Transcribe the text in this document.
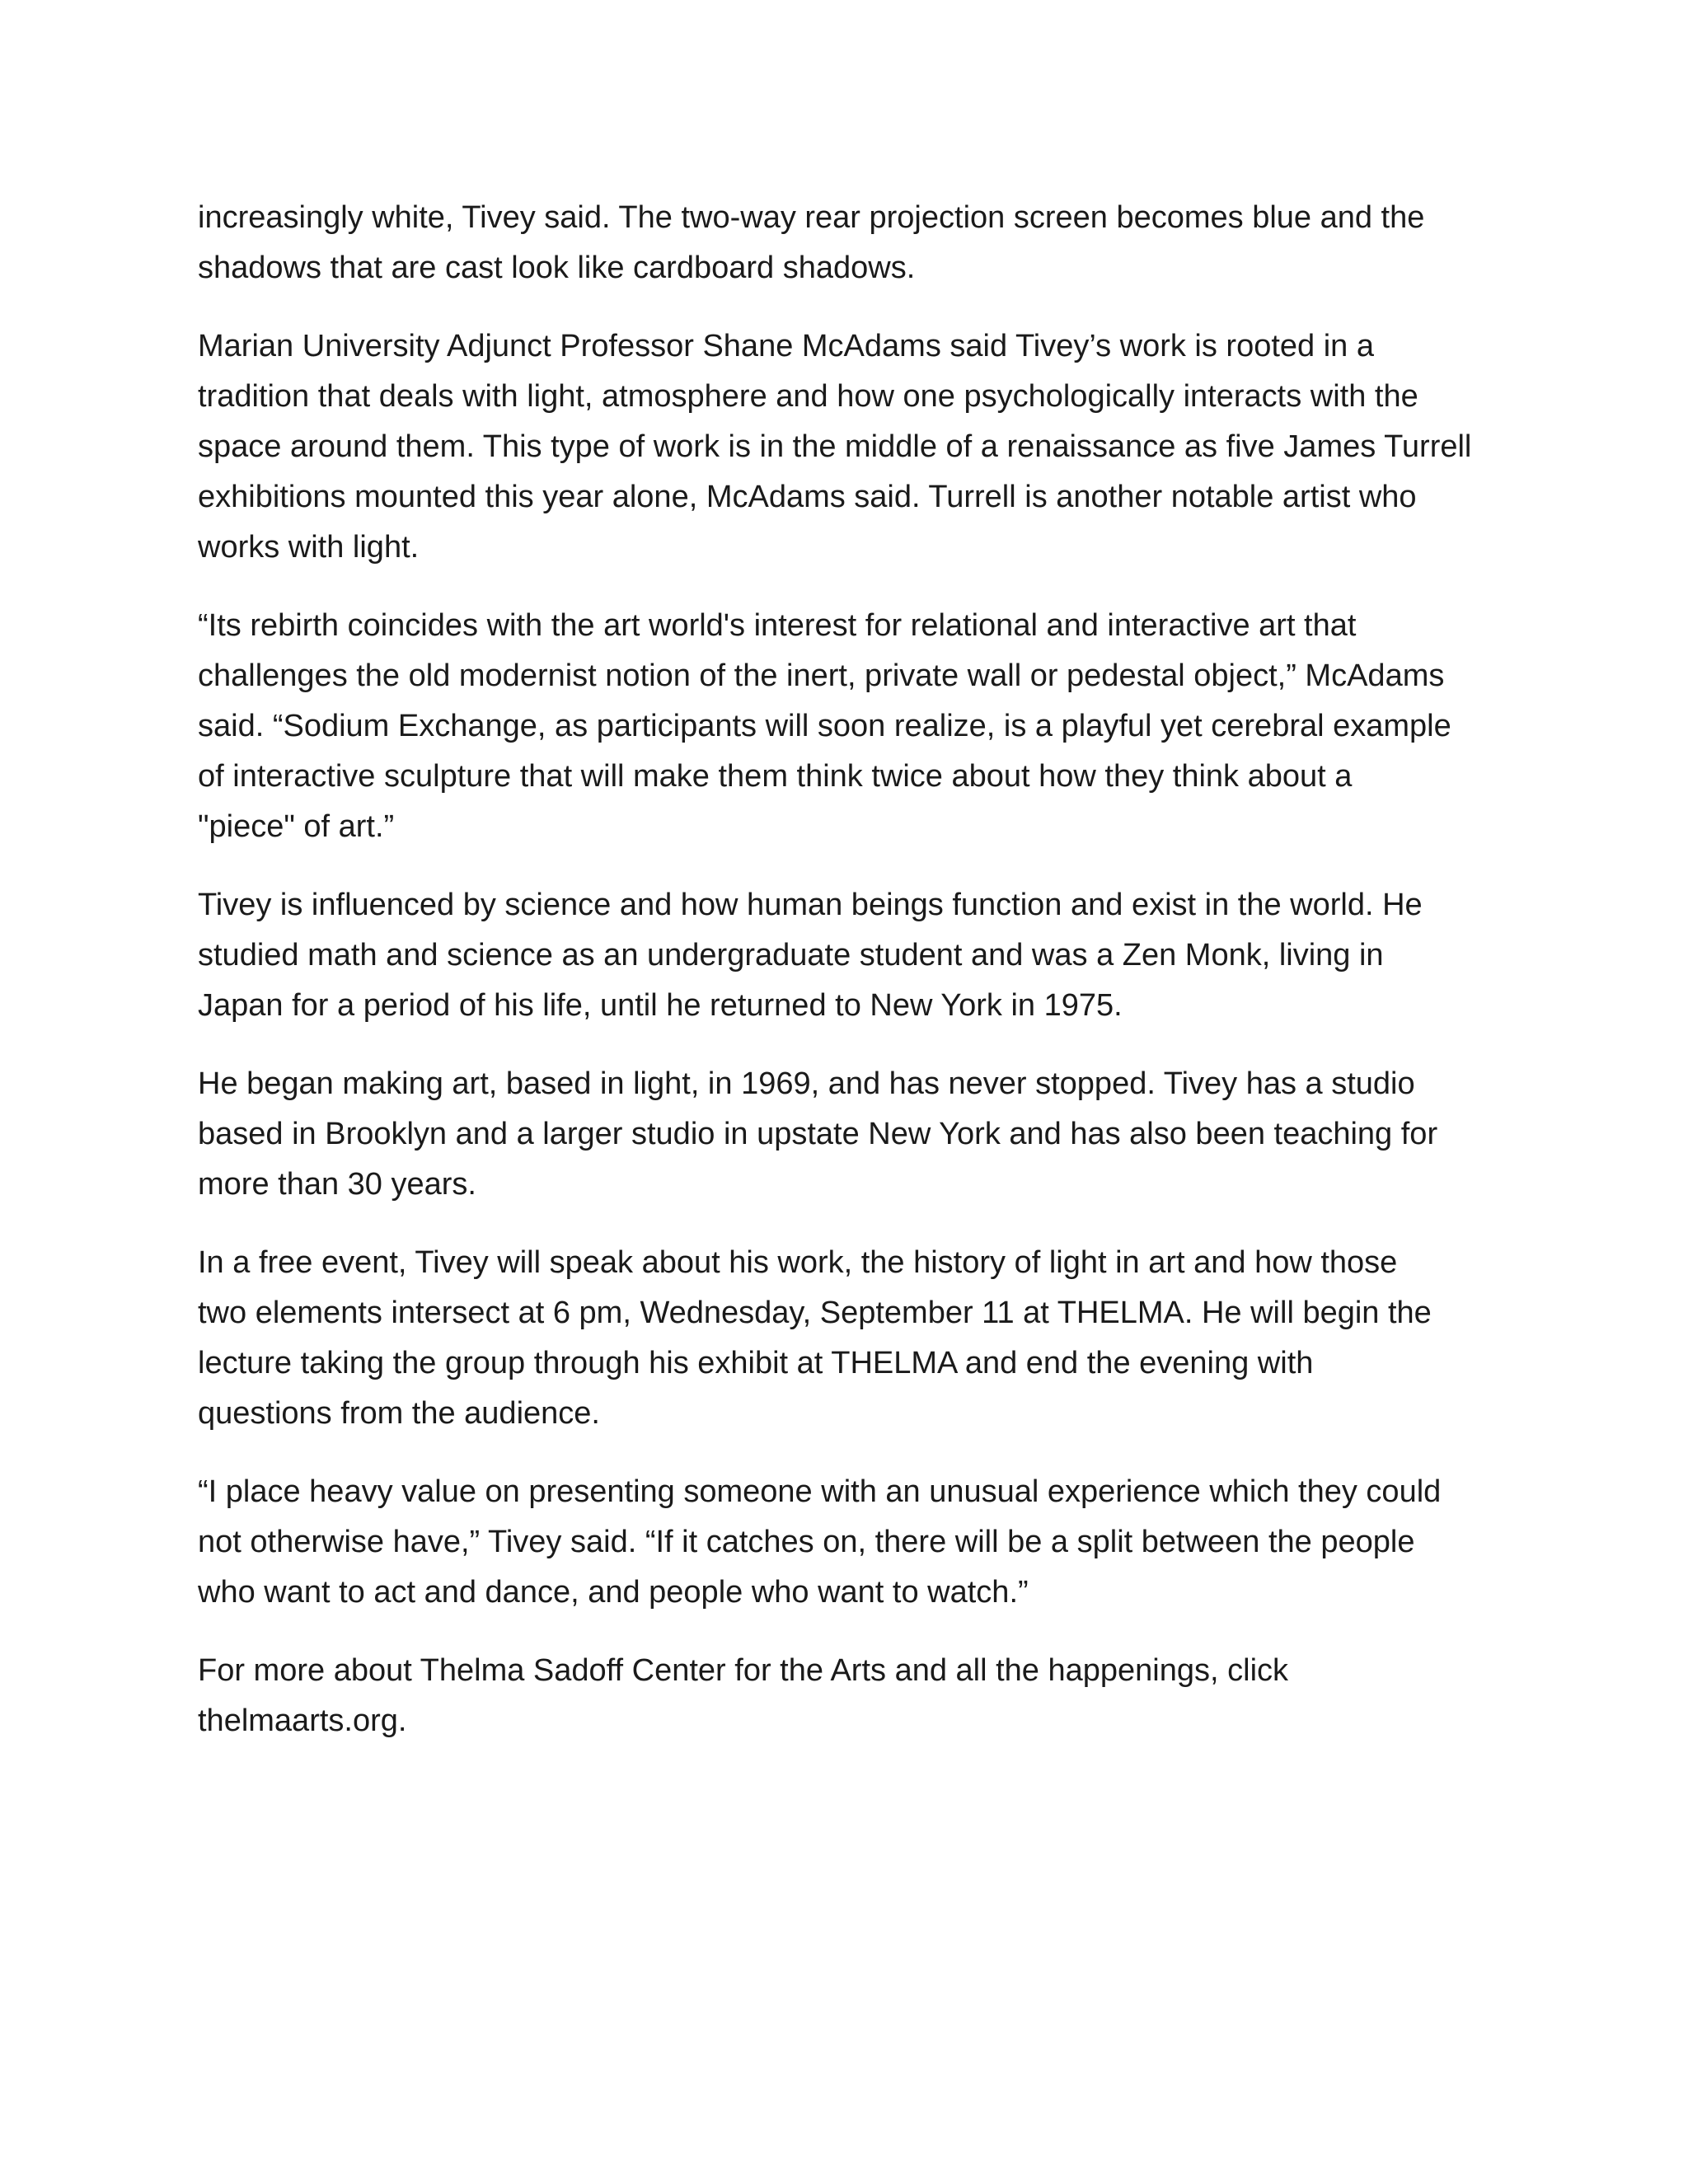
increasingly white, Tivey said. The two-way rear projection screen becomes blue and the
shadows that are cast look like cardboard shadows.

Marian University Adjunct Professor Shane McAdams said Tivey’s work is rooted in a
tradition that deals with light, atmosphere and how one psychologically interacts with the
space around them. This type of work is in the middle of a renaissance as five James Turrell
exhibitions mounted this year alone, McAdams said. Turrell is another notable artist who
works with light.

“Its rebirth coincides with the art world's interest for relational and interactive art that
challenges the old modernist notion of the inert, private wall or pedestal object,” McAdams
said. “Sodium Exchange, as participants will soon realize, is a playful yet cerebral example
of interactive sculpture that will make them think twice about how they think about a
"piece" of art.”

Tivey is influenced by science and how human beings function and exist in the world. He
studied math and science as an undergraduate student and was a Zen Monk, living in
Japan for a period of his life, until he returned to New York in 1975.

He began making art, based in light, in 1969, and has never stopped. Tivey has a studio
based in Brooklyn and a larger studio in upstate New York and has also been teaching for
more than 30 years.

In a free event, Tivey will speak about his work, the history of light in art and how those
two elements intersect at 6 pm, Wednesday, September 11 at THELMA. He will begin the
lecture taking the group through his exhibit at THELMA and end the evening with
questions from the audience.

“I place heavy value on presenting someone with an unusual experience which they could
not otherwise have,” Tivey said. “If it catches on, there will be a split between the people
who want to act and dance, and people who want to watch.”

For more about Thelma Sadoff Center for the Arts and all the happenings, click
thelmaarts.org.
